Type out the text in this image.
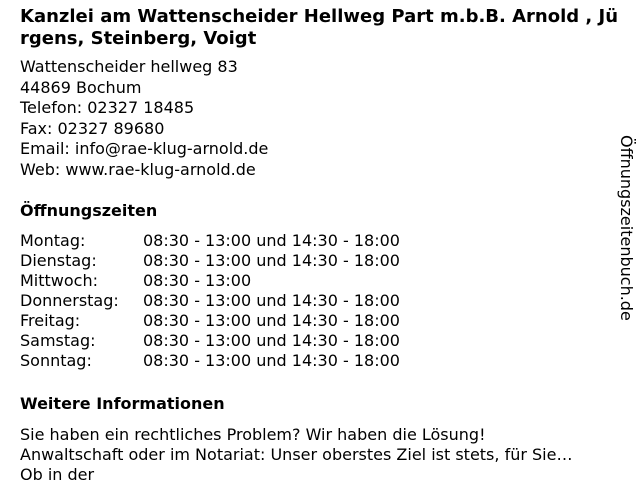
Kanzlei am Wattenscheider Hellweg Part m.b.B. Arnold , Jürgens, Steinberg, Voigt
Wattenscheider hellweg 83
44869 Bochum
Telefon: 02327 18485
Fax: 02327 89680
Email: info@rae-klug-arnold.de
Web: www.rae-klug-arnold.de
Öffnungszeiten
Montag:	08:30 - 13:00 und 14:30 - 18:00
Dienstag:	08:30 - 13:00 und 14:30 - 18:00
Mittwoch:	08:30 - 13:00
Donnerstag:	08:30 - 13:00 und 14:30 - 18:00
Freitag:	08:30 - 13:00 und 14:30 - 18:00
Samstag:	08:30 - 13:00 und 14:30 - 18:00
Sonntag:	08:30 - 13:00 und 14:30 - 18:00
Weitere Informationen
Sie haben ein rechtliches Problem? Wir haben die Lösung!
Anwaltschaft oder im Notariat: Unser oberstes Ziel ist stets, für Sie…
Ob in der
Öffnungszeitenbuch.de
